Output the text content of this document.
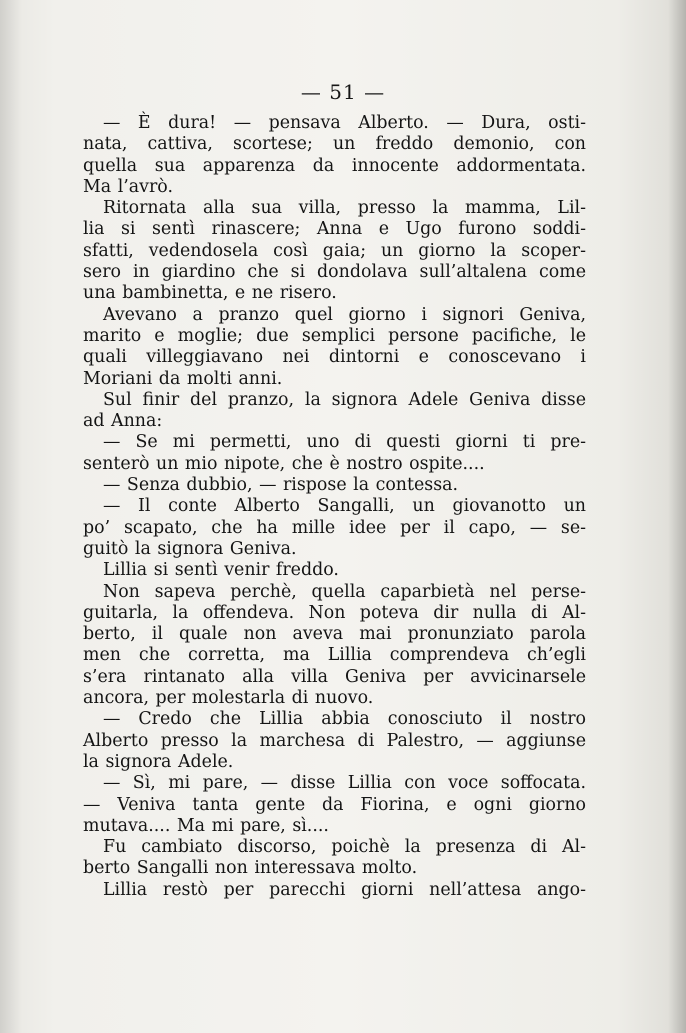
— 51 —
— È dura! — pensava Alberto. — Dura, osti-
nata, cattiva, scortese; un freddo demonio, con
quella sua apparenza da innocente addormentata.
Ma l’avrò.
Ritornata alla sua villa, presso la mamma, Lil-
lia si sentì rinascere; Anna e Ugo furono soddi-
sfatti, vedendosela così gaia; un giorno la scoper-
sero in giardino che si dondolava sull’altalena come
una bambinetta, e ne risero.
Avevano a pranzo quel giorno i signori Geniva,
marito e moglie; due semplici persone pacifiche, le
quali villeggiavano nei dintorni e conoscevano i
Moriani da molti anni.
Sul finir del pranzo, la signora Adele Geniva disse
ad Anna:
— Se mi permetti, uno di questi giorni ti pre-
senterò un mio nipote, che è nostro ospite....
— Senza dubbio, — rispose la contessa.
— Il conte Alberto Sangalli, un giovanotto un
po’ scapato, che ha mille idee per il capo, — se-
guitò la signora Geniva.
Lillia si sentì venir freddo.
Non sapeva perchè, quella caparbietà nel perse-
guitarla, la offendeva. Non poteva dir nulla di Al-
berto, il quale non aveva mai pronunziato parola
men che corretta, ma Lillia comprendeva ch’egli
s’era rintanato alla villa Geniva per avvicinarsele
ancora, per molestarla di nuovo.
— Credo che Lillia abbia conosciuto il nostro
Alberto presso la marchesa di Palestro, — aggiunse
la signora Adele.
— Sì, mi pare, — disse Lillia con voce soffocata.
— Veniva tanta gente da Fiorina, e ogni giorno
mutava.... Ma mi pare, sì....
Fu cambiato discorso, poichè la presenza di Al-
berto Sangalli non interessava molto.
Lillia restò per parecchi giorni nell’attesa ango-
